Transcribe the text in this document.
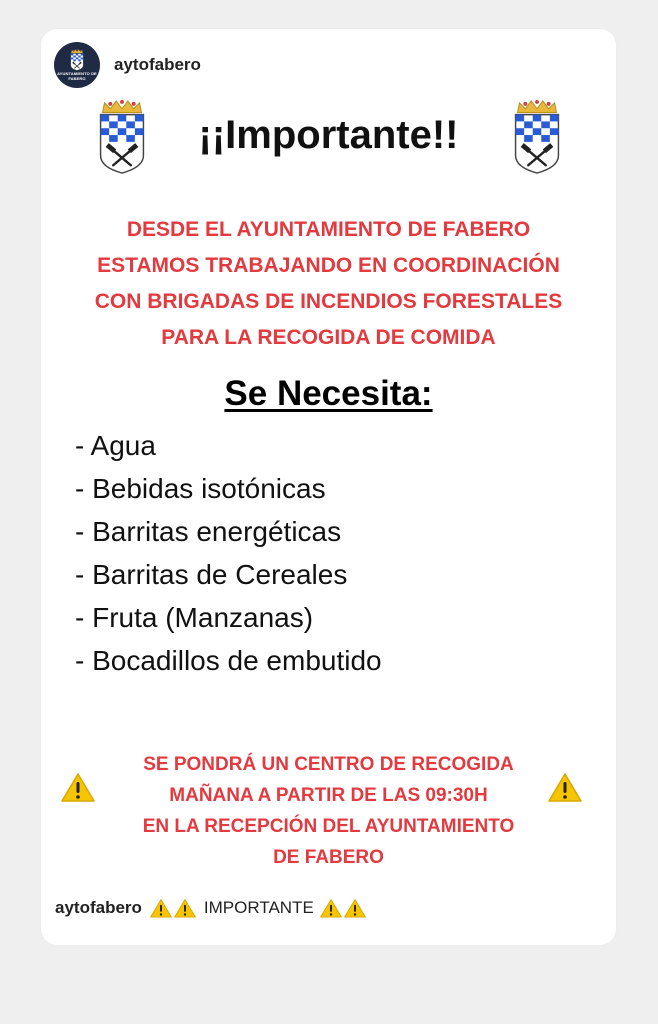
AYUNTAMIENTO DE FABERO
aytofabero
¡¡Importante!!
DESDE EL AYUNTAMIENTO DE FABERO
ESTAMOS TRABAJANDO EN COORDINACIÓN
CON BRIGADAS DE INCENDIOS FORESTALES
PARA LA RECOGIDA DE COMIDA
Se Necesita:
- Agua
- Bebidas isotónicas
- Barritas energéticas
- Barritas de Cereales
- Fruta (Manzanas)
- Bocadillos de embutido
SE PONDRÁ UN CENTRO DE RECOGIDA
MAÑANA A PARTIR DE LAS 09:30H
EN LA RECEPCIÓN DEL AYUNTAMIENTO
DE FABERO
aytofabero	IMPORTANTE
